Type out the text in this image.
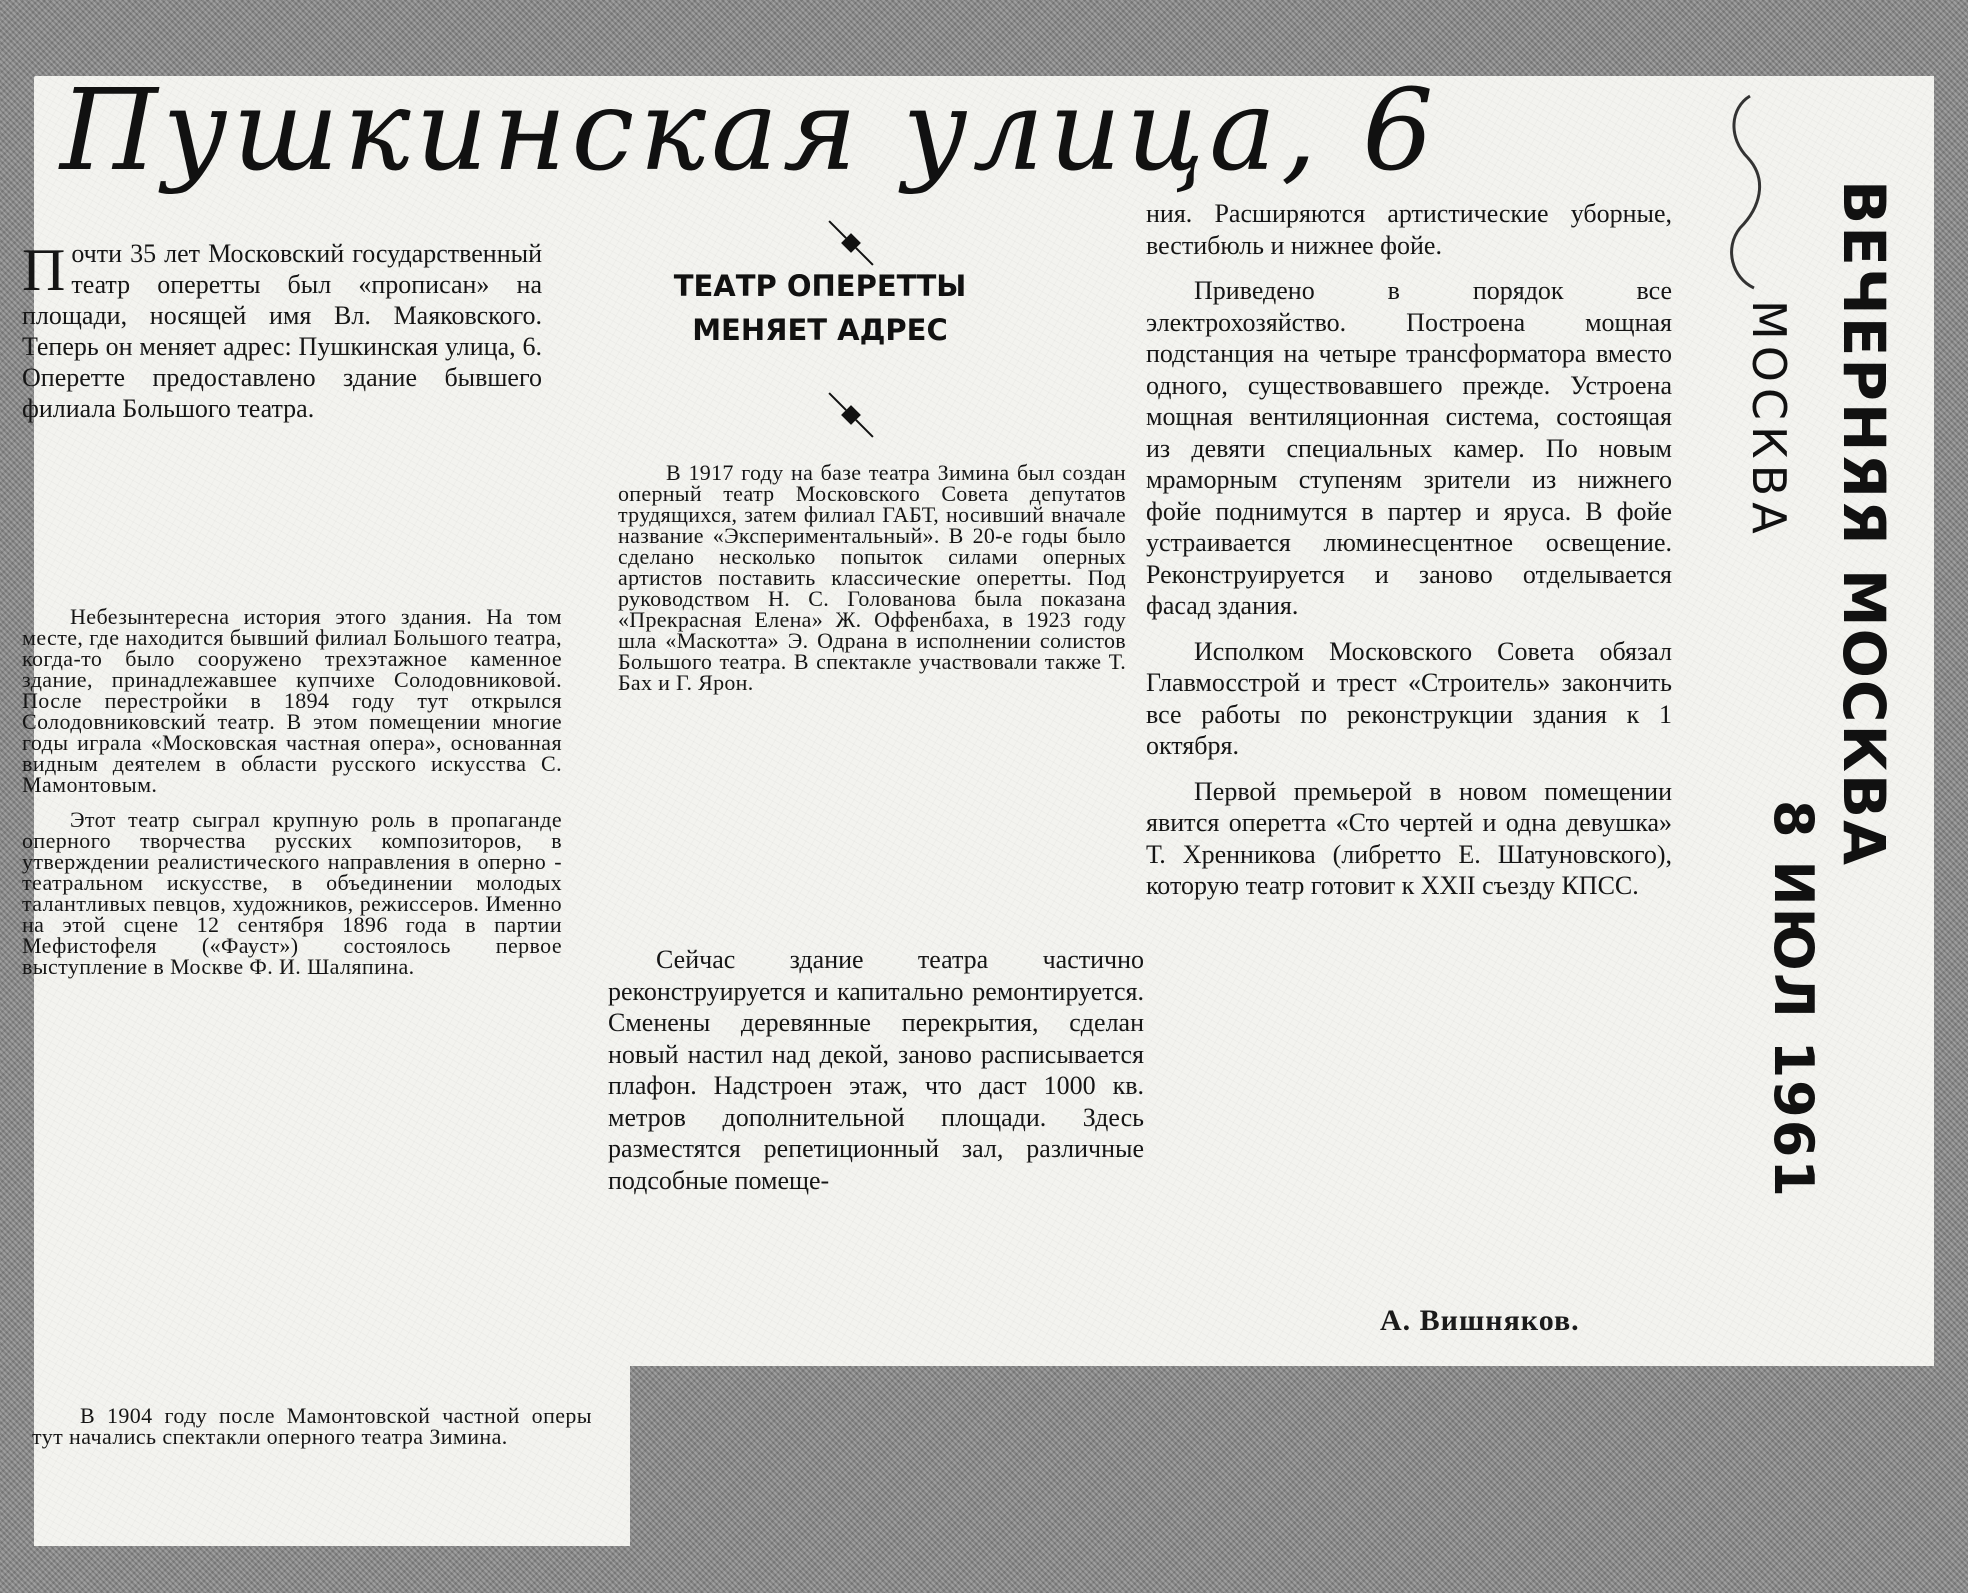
Пушкинская улица, 6
ВЕЧЕРНЯЯ МОСКВА
МОСКВА
8 ИЮЛ 1961

Почти 35 лет Московский государственный театр оперетты был «прописан» на площади, носящей имя Вл. Маяковского. Теперь он меняет адрес: Пушкинская улица, 6. Оперетте предоставлено здание бывшего филиала Большого театра.

Небезынтересна история этого здания. На том месте, где находится бывший филиал Большого театра, когда-то было сооружено трехэтажное каменное здание, принадлежавшее купчихе Солодовниковой. После перестройки в 1894 году тут открылся Солодовниковский театр. В этом помещении многие годы играла «Московская частная опера», основанная видным деятелем в области русского искусства С. Мамонтовым.

Этот театр сыграл крупную роль в пропаганде оперного творчества русских композиторов, в утверждении реалистического направления в оперно - театральном искусстве, в объединении молодых талантливых певцов, художников, режиссеров. Именно на этой сцене 12 сентября 1896 года в партии Мефистофеля («Фауст») состоялось первое выступление в Москве Ф. И. Шаляпина.

В 1904 году после Мамонтовской частной оперы тут начались спектакли оперного театра Зимина.

ТЕАТР ОПЕРЕТТЫ
МЕНЯЕТ АДРЕС

В 1917 году на базе театра Зимина был создан оперный театр Московского Совета депутатов трудящихся, затем филиал ГАБТ, носивший вначале название «Экспериментальный». В 20-е годы было сделано несколько попыток силами оперных артистов поставить классические оперетты. Под руководством Н. С. Голованова была показана «Прекрасная Елена» Ж. Оффенбаха, в 1923 году шла «Маскотта» Э. Одрана в исполнении солистов Большого театра. В спектакле участвовали также Т. Бах и Г. Ярон.

Сейчас здание театра частично реконструируется и капитально ремонтируется. Сменены деревянные перекрытия, сделан новый настил над декой, заново расписывается плафон. Надстроен этаж, что даст 1000 кв. метров дополнительной площади. Здесь разместятся репетиционный зал, различные подсобные помеще-

ния. Расширяются артистические уборные, вестибюль и нижнее фойе.

Приведено в порядок все электрохозяйство. Построена мощная подстанция на четыре трансформатора вместо одного, существовавшего прежде. Устроена мощная вентиляционная система, состоящая из девяти специальных камер. По новым мраморным ступеням зрители из нижнего фойе поднимутся в партер и яруса. В фойе устраивается люминесцентное освещение. Реконструируется и заново отделывается фасад здания.

Исполком Московского Совета обязал Главмосстрой и трест «Строитель» закончить все работы по реконструкции здания к 1 октября.

Первой премьерой в новом помещении явится оперетта «Сто чертей и одна девушка» Т. Хренникова (либретто Е. Шатуновского), которую театр готовит к XXII съезду КПСС.

А. Вишняков.
